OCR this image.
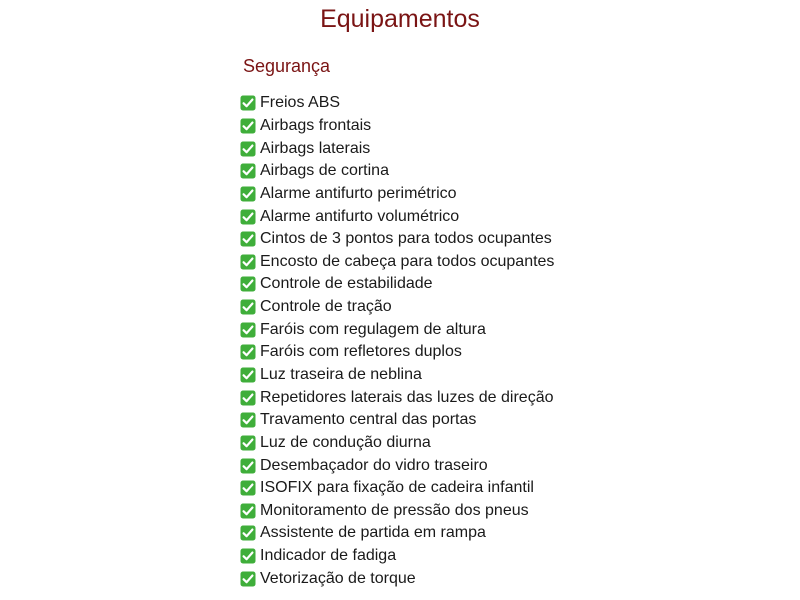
Equipamentos
Segurança
Freios ABS
Airbags frontais
Airbags laterais
Airbags de cortina
Alarme antifurto perimétrico
Alarme antifurto volumétrico
Cintos de 3 pontos para todos ocupantes
Encosto de cabeça para todos ocupantes
Controle de estabilidade
Controle de tração
Faróis com regulagem de altura
Faróis com refletores duplos
Luz traseira de neblina
Repetidores laterais das luzes de direção
Travamento central das portas
Luz de condução diurna
Desembaçador do vidro traseiro
ISOFIX para fixação de cadeira infantil
Monitoramento de pressão dos pneus
Assistente de partida em rampa
Indicador de fadiga
Vetorização de torque
